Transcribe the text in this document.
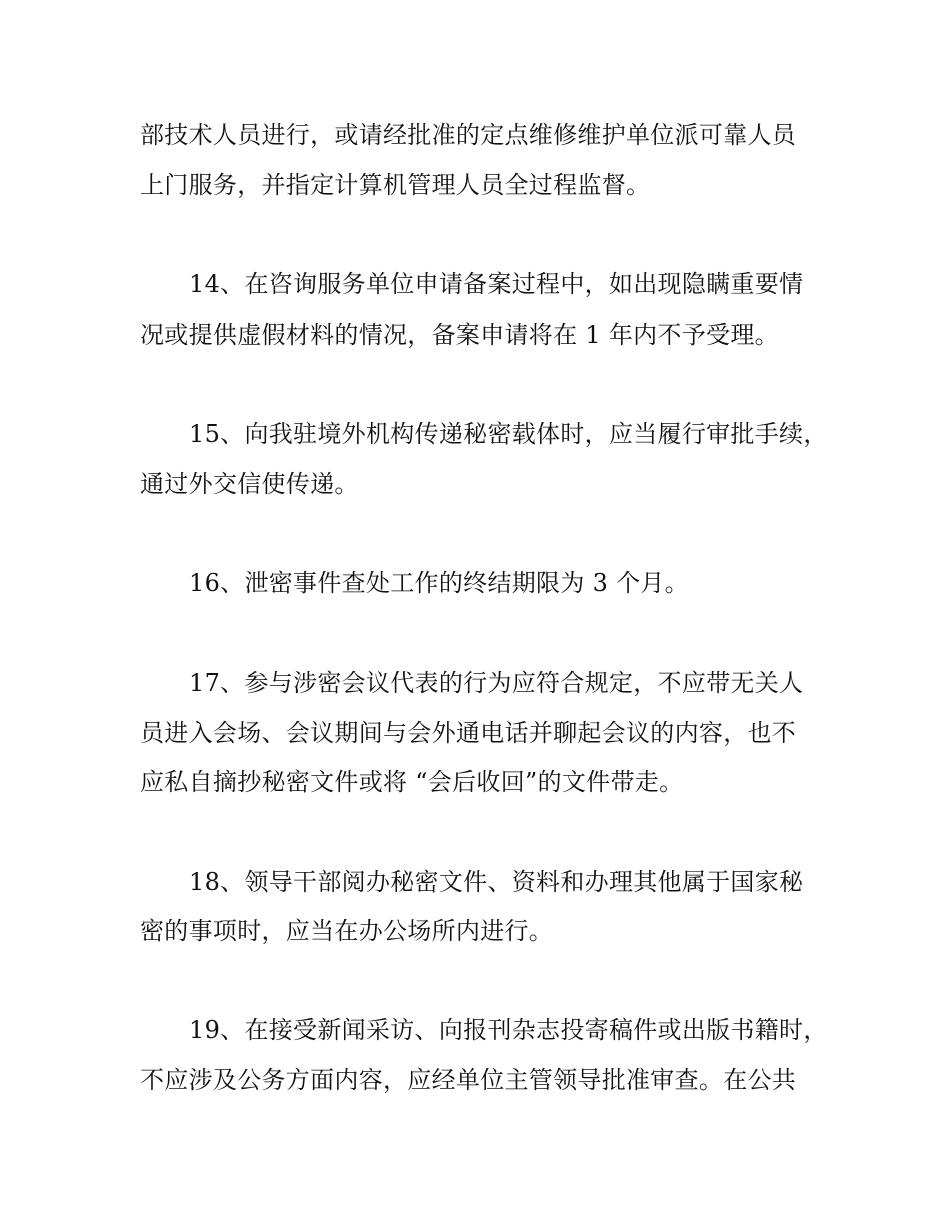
部技术人员进行，或请经批准的定点维修维护单位派可靠人员
上门服务，并指定计算机管理人员全过程监督。
14、在咨询服务单位申请备案过程中，如出现隐瞒重要情
况或提供虚假材料的情况，备案申请将在 1 年内不予受理。
15、向我驻境外机构传递秘密载体时，应当履行审批手续，
通过外交信使传递。
16、泄密事件查处工作的终结期限为 3 个月。
17、参与涉密会议代表的行为应符合规定，不应带无关人
员进入会场、会议期间与会外通电话并聊起会议的内容，也不
应私自摘抄秘密文件或将 “会后收回”的文件带走。
18、领导干部阅办秘密文件、资料和办理其他属于国家秘
密的事项时，应当在办公场所内进行。
19、在接受新闻采访、向报刊杂志投寄稿件或出版书籍时，
不应涉及公务方面内容，应经单位主管领导批准审查。在公共
